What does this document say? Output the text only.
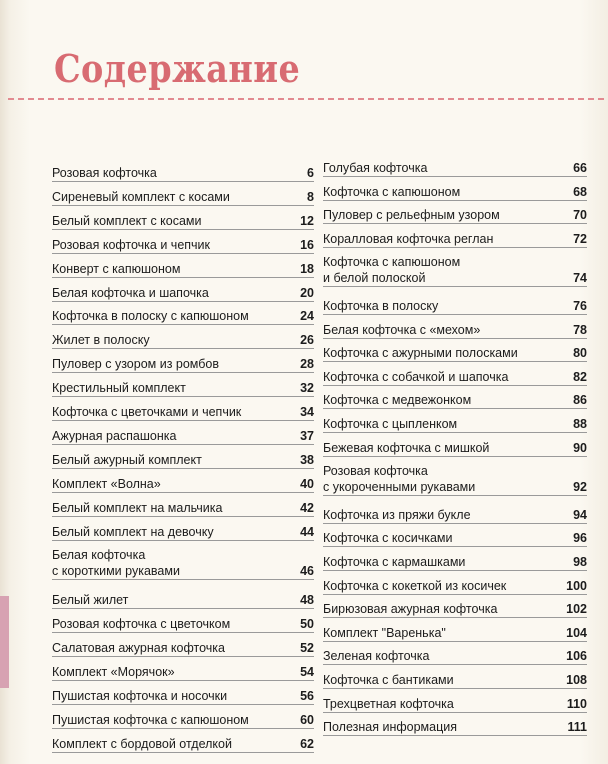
Содержание
Розовая кофточка	6
Сиреневый комплект с косами	8
Белый комплект с косами	12
Розовая кофточка и чепчик	16
Конверт с капюшоном	18
Белая кофточка и шапочка	20
Кофточка в полоску с капюшоном	24
Жилет в полоску	26
Пуловер с узором из ромбов	28
Крестильный комплект	32
Кофточка с цветочками и чепчик	34
Ажурная распашонка	37
Белый ажурный комплект	38
Комплект «Волна»	40
Белый комплект на мальчика	42
Белый комплект на девочку	44
Белая кофточка
с короткими рукавами	46
Белый жилет	48
Розовая кофточка с цветочком	50
Салатовая ажурная кофточка	52
Комплект «Морячок»	54
Пушистая кофточка и носочки	56
Пушистая кофточка с капюшоном	60
Комплект с бордовой отделкой	62
Голубая кофточка	66
Кофточка с капюшоном	68
Пуловер с рельефным узором	70
Коралловая кофточка реглан	72
Кофточка с капюшоном
и белой полоской	74
Кофточка в полоску	76
Белая кофточка с «мехом»	78
Кофточка с ажурными полосками	80
Кофточка с собачкой и шапочка	82
Кофточка с медвежонком	86
Кофточка с цыпленком	88
Бежевая кофточка с мишкой	90
Розовая кофточка
с укороченными рукавами	92
Кофточка из пряжи букле	94
Кофточка с косичками	96
Кофточка с кармашками	98
Кофточка с кокеткой из косичек	100
Бирюзовая ажурная кофточка	102
Комплект "Варенька"	104
Зеленая кофточка	106
Кофточка с бантиками	108
Трехцветная кофточка	110
Полезная информация	111
